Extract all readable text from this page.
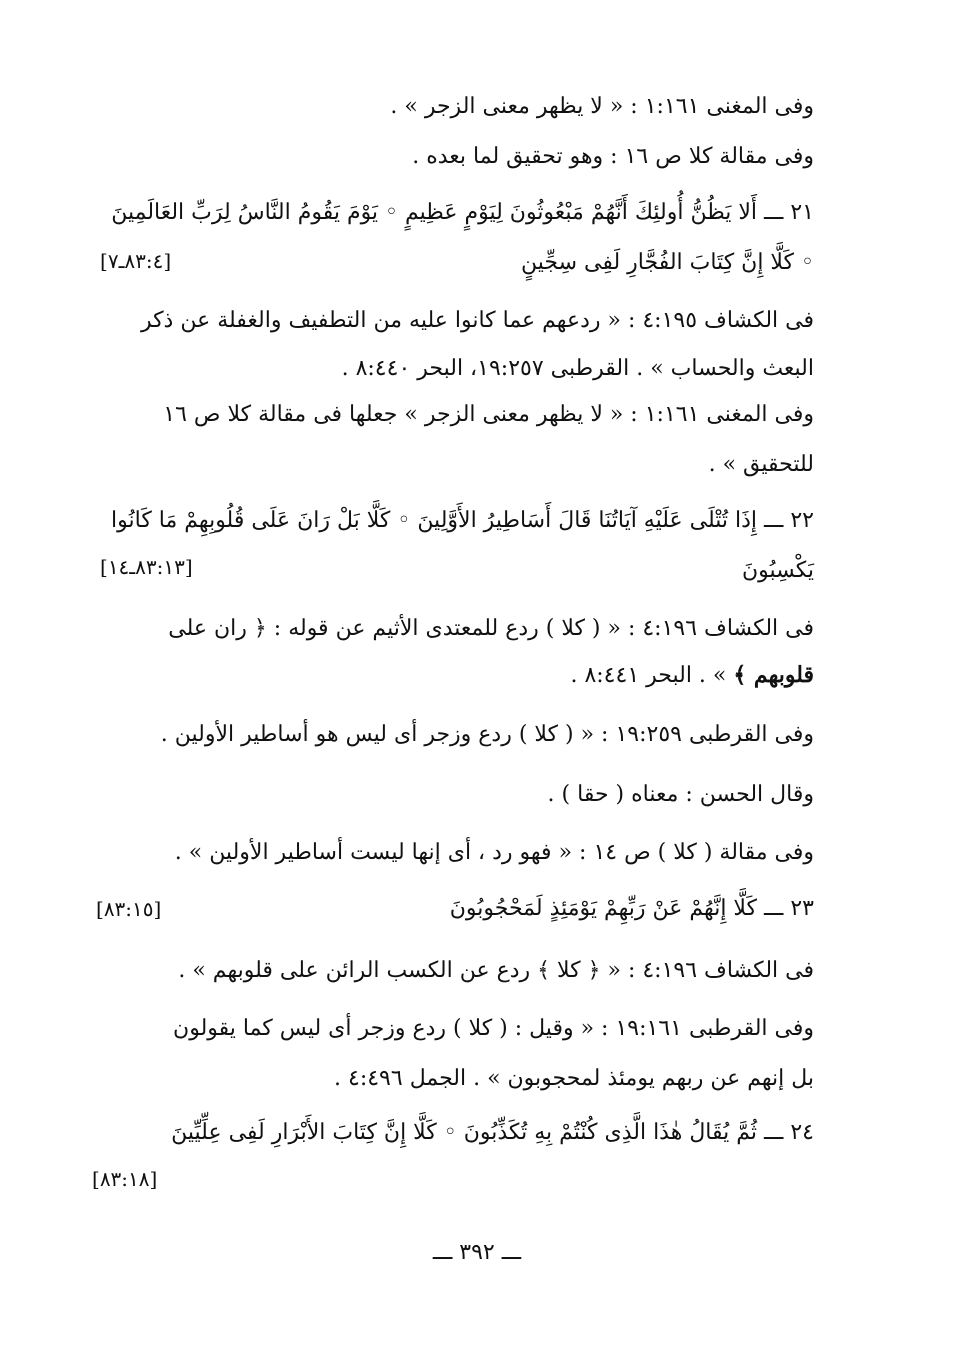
وفى المغنى ١:١٦١ : « لا يظهر معنى الزجر » .
وفى مقالة كلا ص ١٦ : وهو تحقيق لما بعده .
٢١ ـــ أَلا يَظُنُّ أُولئِكَ أَنَّهُمْ مَبْعُوثُونَ لِيَوْمٍ عَظِيمٍ ◦ يَوْمَ يَقُومُ النَّاسُ لِرَبِّ العَالَمِينَ
◦ كَلَّا إِنَّ كِتَابَ الفُجَّارِ لَفِى سِجِّينٍ
[٨٣:٤ـ٧]
فى الكشاف ٤:١٩٥ : « ردعهم عما كانوا عليه من التطفيف والغفلة عن ذكر
البعث والحساب » . القرطبى ١٩:٢٥٧، البحر ٨:٤٤٠ .
وفى المغنى ١:١٦١ : « لا يظهر معنى الزجر » جعلها فى مقالة كلا ص ١٦
للتحقيق » .
٢٢ ـــ إِذَا تُتْلَى عَلَيْهِ آيَاتُنَا قَالَ أَسَاطِيرُ الأَوَّلِينَ ◦ كَلَّا بَلْ رَانَ عَلَى قُلُوبِهِمْ مَا كَانُوا
يَكْسِبُونَ
[٨٣:١٣ـ١٤]
فى الكشاف ٤:١٩٦ : « ( كلا ) ردع للمعتدى الأثيم عن قوله : ﴿ ران على
قلوبهم ﴾ » . البحر ٨:٤٤١ .
وفى القرطبى ١٩:٢٥٩ : « ( كلا ) ردع وزجر أى ليس هو أساطير الأولين .
وقال الحسن : معناه ( حقا ) .
وفى مقالة ( كلا ) ص ١٤ : « فهو رد ، أى إنها ليست أساطير الأولين » .
٢٣ ـــ كَلَّا إِنَّهُمْ عَنْ رَبِّهِمْ يَوْمَئِذٍ لَمَحْجُوبُونَ
[٨٣:١٥]
فى الكشاف ٤:١٩٦ : « ﴿ كلا ﴾ ردع عن الكسب الرائن على قلوبهم » .
وفى القرطبى ١٩:١٦١ : « وقيل : ( كلا ) ردع وزجر أى ليس كما يقولون
بل إنهم عن ربهم يومئذ لمحجوبون » . الجمل ٤:٤٩٦ .
٢٤ ـــ ثُمَّ يُقَالُ هٰذَا الَّذِى كُنْتُمْ بِهِ تُكَذِّبُونَ ◦ كَلَّا إِنَّ كِتَابَ الأَبْرَارِ لَفِى عِلِّيِّينَ
[٨٣:١٨]
ـــ ٣٩٢ ـــ
